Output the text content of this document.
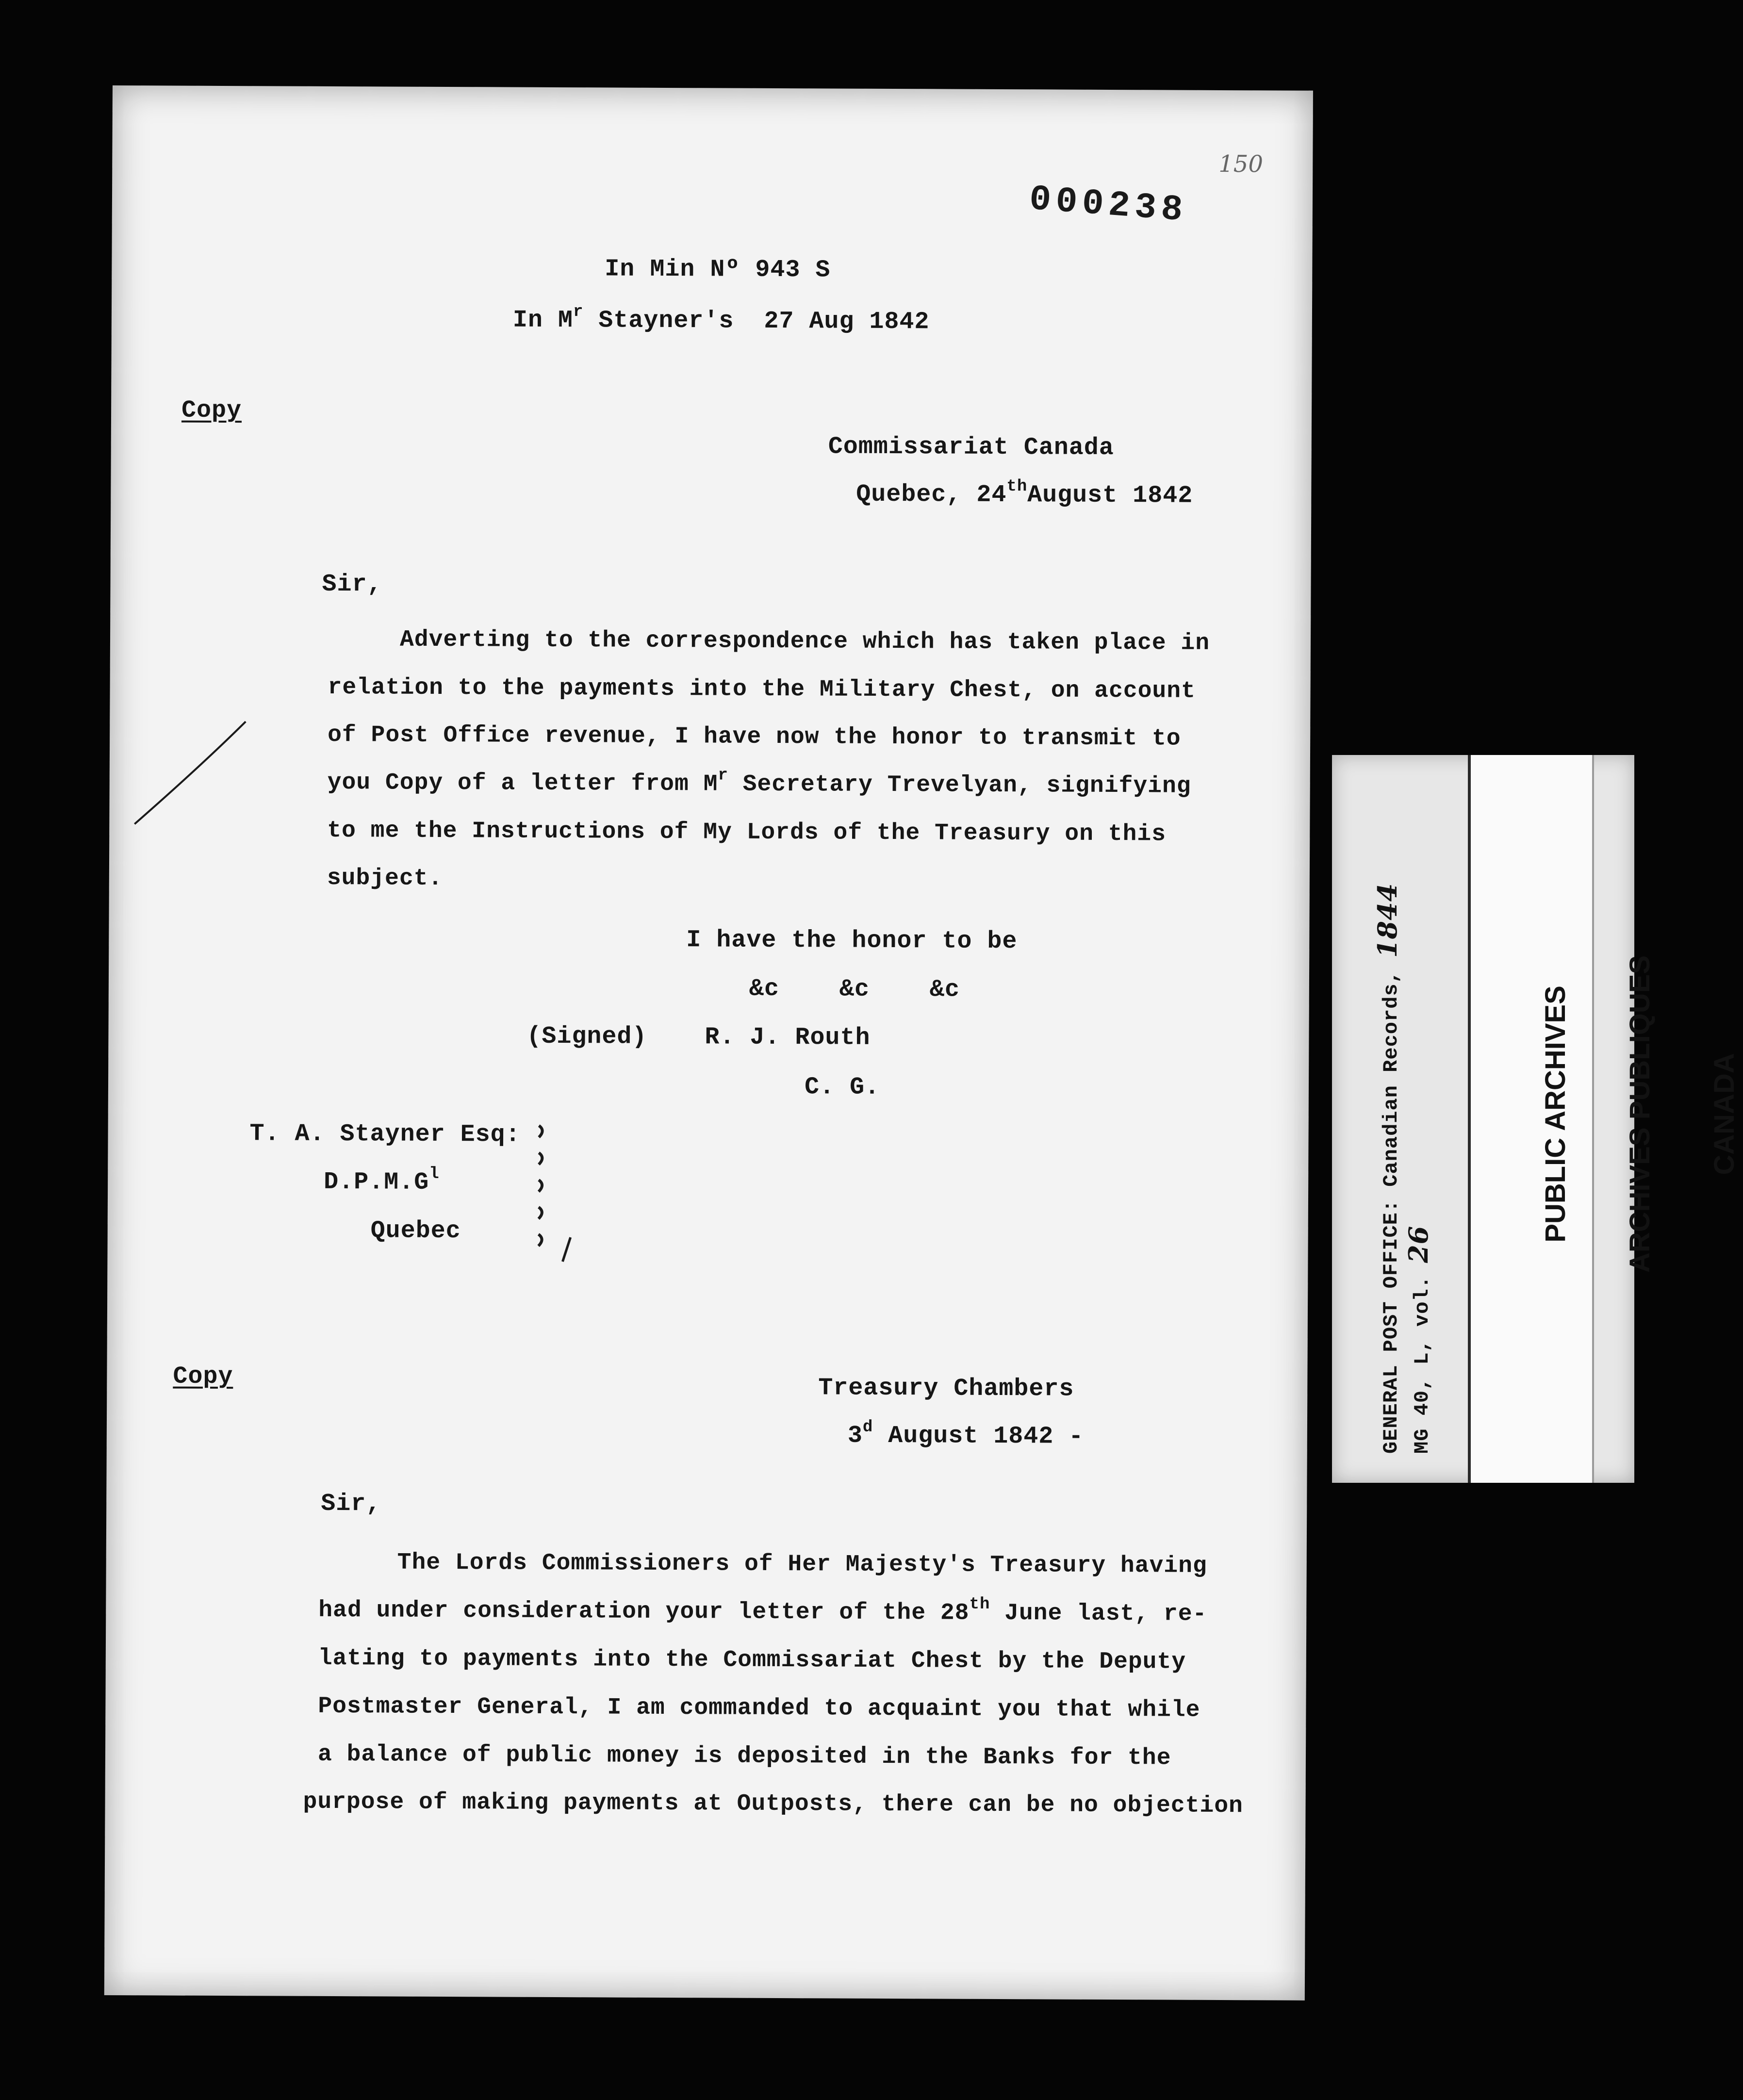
150
000238
In Min Nº 943 S
In $M^r$ Stayner's  27 Aug 1842
Copy
Commissariat Canada
Quebec, 24thAugust 1842
Sir,
Adverting to the correspondence which has taken place in
relation to the payments into the Military Chest, on account
of Post Office revenue, I have now the honor to transmit to
you Copy of a letter from $M^r$ Secretary Trevelyan, signifying
to me the Instructions of My Lords of the Treasury on this
subject.
I have the honor to be
&c    &c    &c
(Signed) R. J. Routh
C. G.
T. A. Stayner Esq:
$D.P.M.G^l$
Quebec
Copy	Treasury Chambers
3$^d$ August 1842 -
Sir,
The Lords Commissioners of Her Majesty's Treasury having
had under consideration your letter of the 28th June last, re-
lating to payments into the Commissariat Chest by the Deputy
Postmaster General, I am commanded to acquaint you that while
a balance of public money is deposited in the Banks for the
purpose of making payments at Outposts, there can be no objection
GENERAL POST OFFICE: Canadian Records, 1844
MG 40, L, vol. 26

PUBLIC ARCHIVES

ARCHIVES PUBLIQUES

CANADA
